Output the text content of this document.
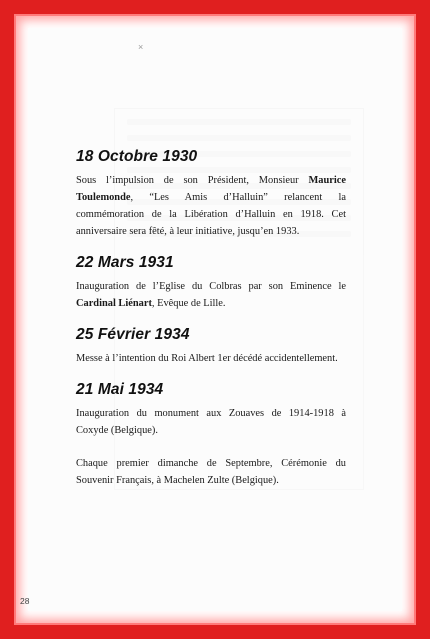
×
18 Octobre 1930

Sous l’impulsion de son Président, Monsieur Maurice Toulemonde, “Les Amis d’Halluin” relancent la commémoration de la Libération d’Halluin en 1918. Cet anniversaire sera fêté, à leur initiative, jusqu’en 1933.

22 Mars 1931

Inauguration de l’Eglise du Colbras par son Eminence le Cardinal Liénart, Evêque de Lille.

25 Février 1934

Messe à l’intention du Roi Albert 1er décédé accidentellement.

21 Mai 1934

Inauguration du monument aux Zouaves de 1914-1918 à Coxyde (Belgique).

Chaque premier dimanche de Septembre, Cérémonie du Souvenir Français, à Machelen Zulte (Belgique).

28
